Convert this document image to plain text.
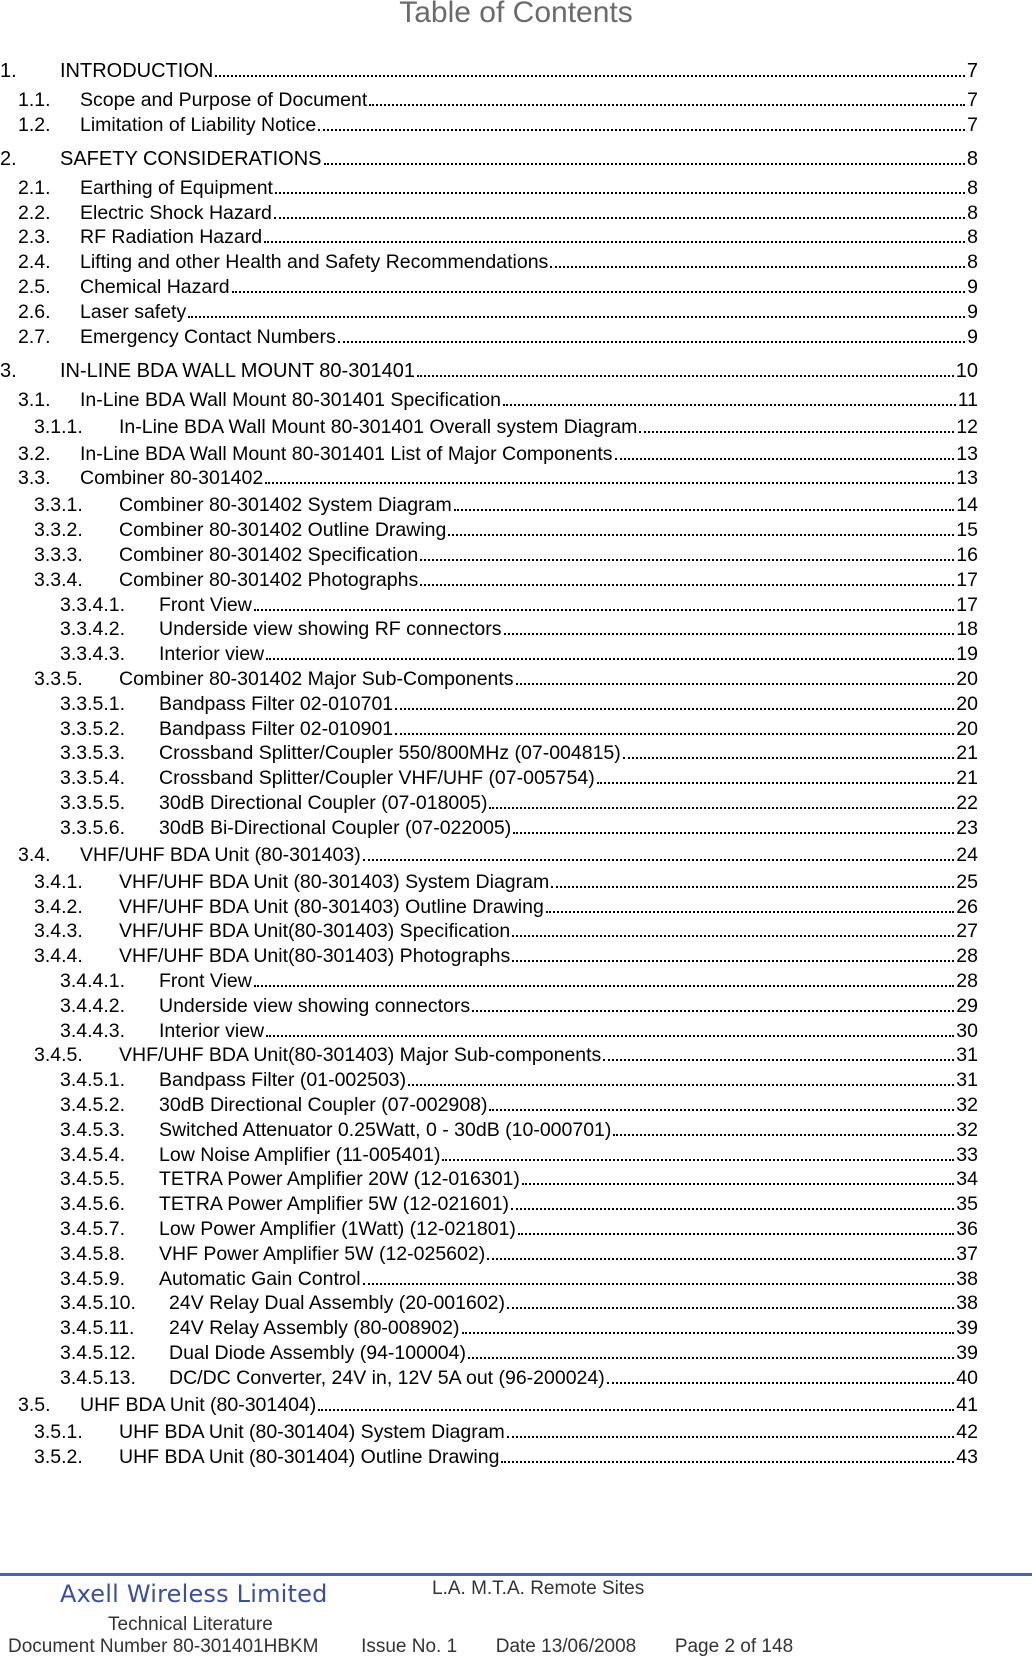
Table of Contents
1.	INTRODUCTION	7
1.1.	Scope and Purpose of Document	7
1.2.	Limitation of Liability Notice	7
2.	SAFETY CONSIDERATIONS	8
2.1.	Earthing of Equipment	8
2.2.	Electric Shock Hazard	8
2.3.	RF Radiation Hazard	8
2.4.	Lifting and other Health and Safety Recommendations	8
2.5.	Chemical Hazard	9
2.6.	Laser safety	9
2.7.	Emergency Contact Numbers	9
3.	IN-LINE BDA WALL MOUNT 80-301401	10
3.1.	In-Line BDA Wall Mount 80-301401 Specification	11
3.1.1.	In-Line BDA Wall Mount 80-301401 Overall system Diagram	12
3.2.	In-Line BDA Wall Mount 80-301401 List of Major Components	13
3.3.	Combiner 80-301402	13
3.3.1.	Combiner 80-301402 System Diagram	14
3.3.2.	Combiner 80-301402 Outline Drawing	15
3.3.3.	Combiner 80-301402 Specification	16
3.3.4.	Combiner 80-301402 Photographs	17
3.3.4.1.	Front View	17
3.3.4.2.	Underside view showing RF connectors	18
3.3.4.3.	Interior view	19
3.3.5.	Combiner 80-301402 Major Sub-Components	20
3.3.5.1.	Bandpass Filter 02-010701	20
3.3.5.2.	Bandpass Filter 02-010901	20
3.3.5.3.	Crossband Splitter/Coupler 550/800MHz (07-004815)	21
3.3.5.4.	Crossband Splitter/Coupler VHF/UHF (07-005754)	21
3.3.5.5.	30dB Directional Coupler (07-018005)	22
3.3.5.6.	30dB Bi-Directional Coupler (07-022005)	23
3.4.	VHF/UHF BDA Unit (80-301403)	24
3.4.1.	VHF/UHF BDA Unit (80-301403) System Diagram	25
3.4.2.	VHF/UHF BDA Unit (80-301403) Outline Drawing	26
3.4.3.	VHF/UHF BDA Unit(80-301403) Specification	27
3.4.4.	VHF/UHF BDA Unit(80-301403) Photographs	28
3.4.4.1.	Front View	28
3.4.4.2.	Underside view showing connectors	29
3.4.4.3.	Interior view	30
3.4.5.	VHF/UHF BDA Unit(80-301403) Major Sub-components	31
3.4.5.1.	Bandpass Filter (01-002503)	31
3.4.5.2.	30dB Directional Coupler (07-002908)	32
3.4.5.3.	Switched Attenuator 0.25Watt, 0 - 30dB (10-000701)	32
3.4.5.4.	Low Noise Amplifier (11-005401)	33
3.4.5.5.	TETRA Power Amplifier 20W (12-016301)	34
3.4.5.6.	TETRA Power Amplifier 5W (12-021601)	35
3.4.5.7.	Low Power Amplifier (1Watt) (12-021801)	36
3.4.5.8.	VHF Power Amplifier 5W (12-025602)	37
3.4.5.9.	Automatic Gain Control	38
3.4.5.10.	24V Relay Dual Assembly (20-001602)	38
3.4.5.11.	24V Relay Assembly (80-008902)	39
3.4.5.12.	Dual Diode Assembly (94-100004)	39
3.4.5.13.	DC/DC Converter, 24V in, 12V 5A out (96-200024)	40
3.5.	UHF BDA Unit (80-301404)	41
3.5.1.	UHF BDA Unit (80-301404) System Diagram	42
3.5.2.	UHF BDA Unit (80-301404) Outline Drawing	43
Axell Wireless Limited	L.A. M.T.A. Remote Sites
Technical Literature
Document Number 80-301401HBKM Issue No. 1 Date 13/06/2008 Page 2 of 148
